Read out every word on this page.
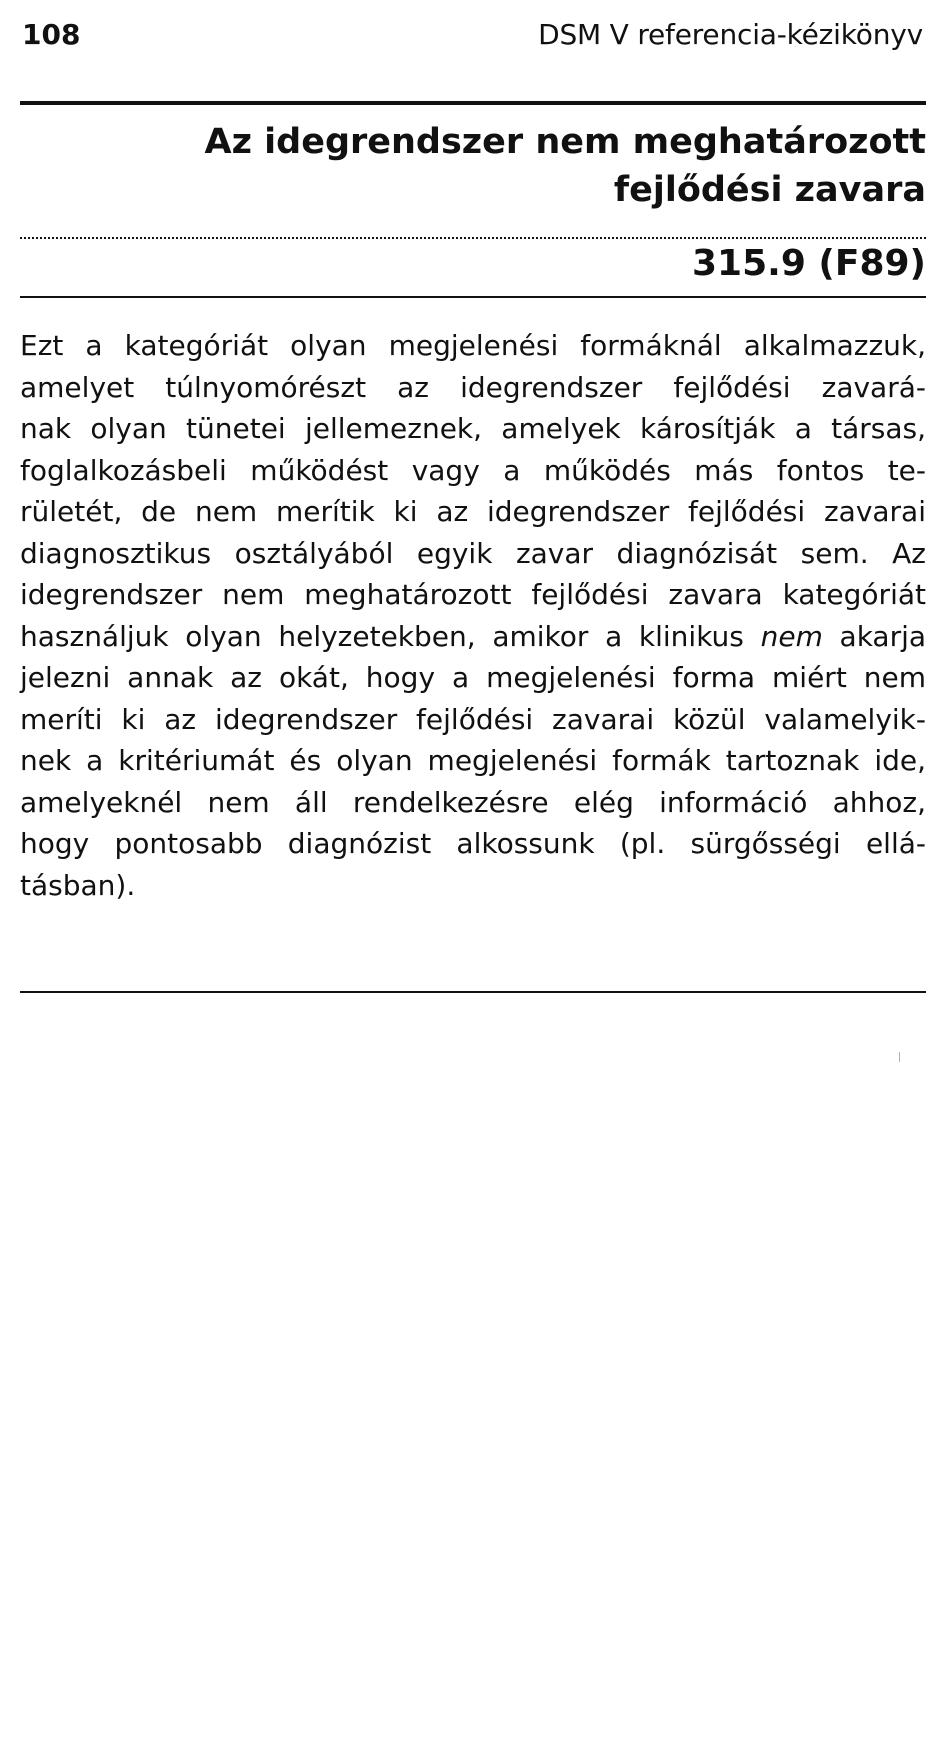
108	DSM V referencia-kézikönyv
Az idegrendszer nem meghatározott
fejlődési zavara
315.9 (F89)
Ezt a kategóriát olyan megjelenési formáknál alkalmazzuk,
amelyet túlnyomórészt az idegrendszer fejlődési zavará-
nak olyan tünetei jellemeznek, amelyek károsítják a társas,
foglalkozásbeli működést vagy a működés más fontos te-
rületét, de nem merítik ki az idegrendszer fejlődési zavarai
diagnosztikus osztályából egyik zavar diagnózisát sem. Az
idegrendszer nem meghatározott fejlődési zavara kategóriát
használjuk olyan helyzetekben, amikor a klinikus nem akarja
jelezni annak az okát, hogy a megjelenési forma miért nem
meríti ki az idegrendszer fejlődési zavarai közül valamelyik-
nek a kritériumát és olyan megjelenési formák tartoznak ide,
amelyeknél nem áll rendelkezésre elég információ ahhoz,
hogy pontosabb diagnózist alkossunk (pl. sürgősségi ellá-
tásban).
